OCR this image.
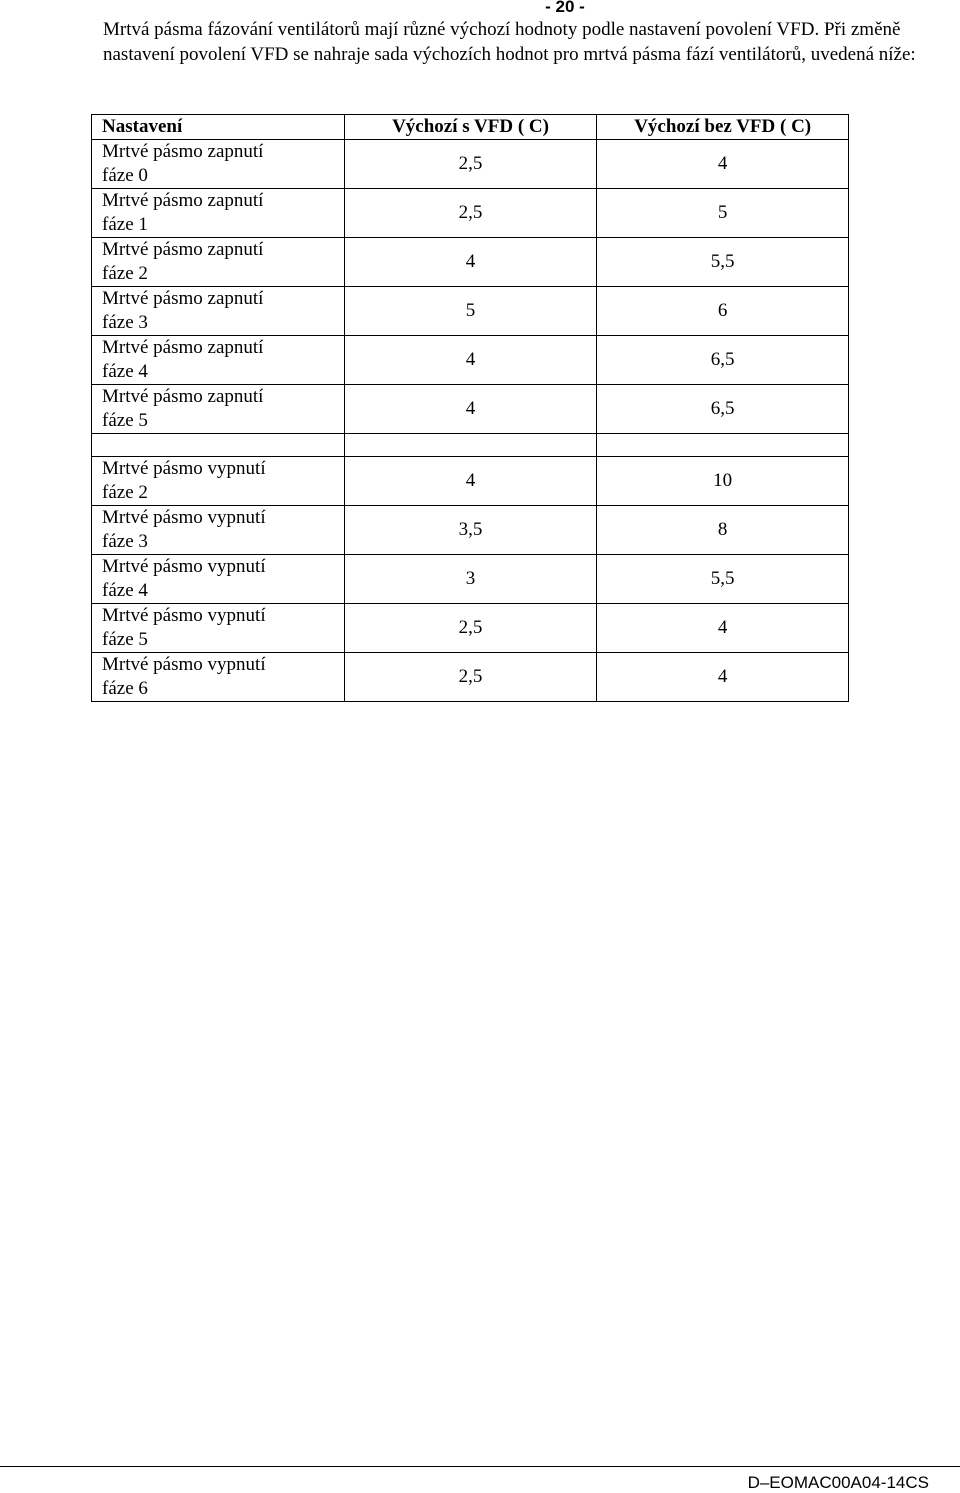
- 20 -

Mrtvá pásma fázování ventilátorů mají různé výchozí hodnoty podle nastavení povolení VFD. Při změně nastavení povolení VFD se nahraje sada výchozích hodnot pro mrtvá pásma fází ventilátorů, uvedená níže:

Nastavení	Výchozí s VFD ( C)	Výchozí bez VFD ( C)
Mrtvé pásmo zapnutí
fáze 0	2,5	4
Mrtvé pásmo zapnutí
fáze 1	2,5	5
Mrtvé pásmo zapnutí
fáze 2	4	5,5
Mrtvé pásmo zapnutí
fáze 3	5	6
Mrtvé pásmo zapnutí
fáze 4	4	6,5
Mrtvé pásmo zapnutí
fáze 5	4	6,5

Mrtvé pásmo vypnutí
fáze 2	4	10
Mrtvé pásmo vypnutí
fáze 3	3,5	8
Mrtvé pásmo vypnutí
fáze 4	3	5,5
Mrtvé pásmo vypnutí
fáze 5	2,5	4
Mrtvé pásmo vypnutí
fáze 6	2,5	4
D–EOMAC00A04-14CS
